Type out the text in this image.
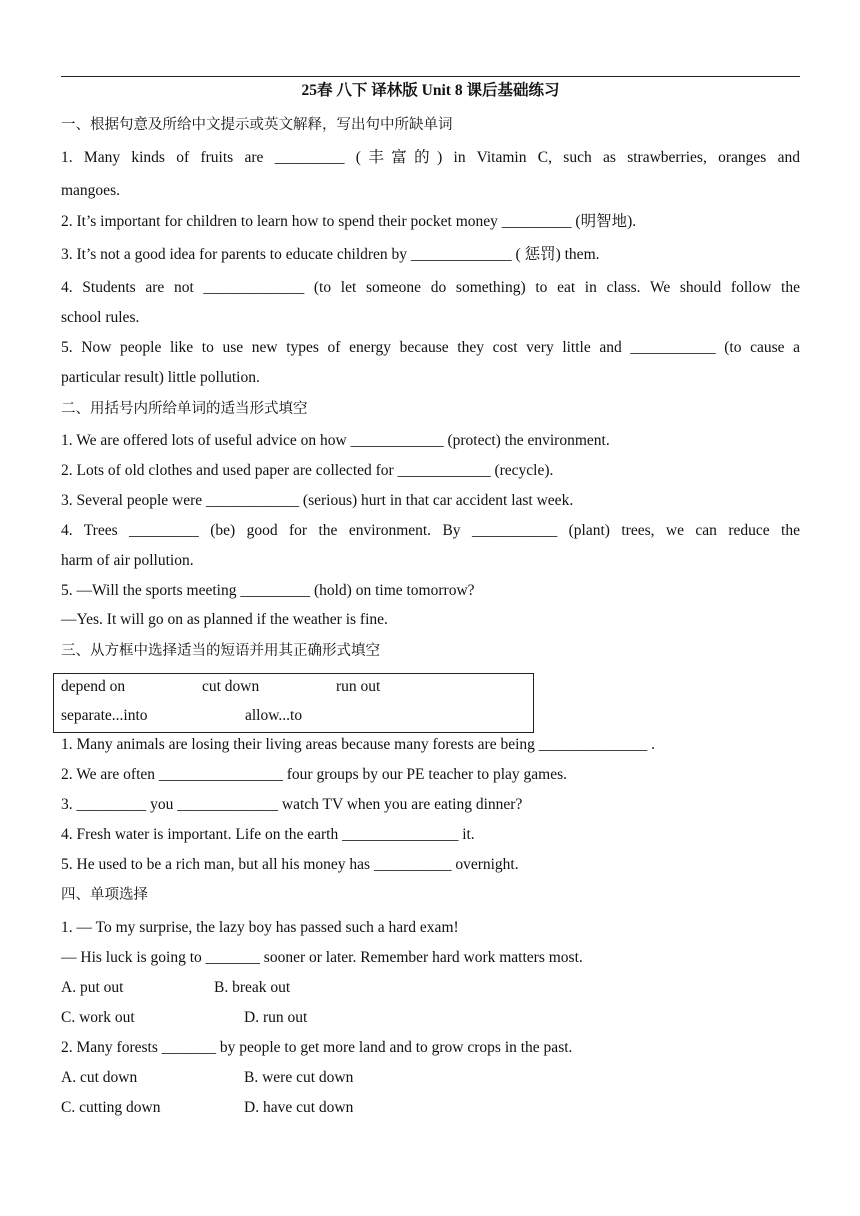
25春 八下 译林版 Unit 8 课后基础练习
一、根据句意及所给中文提示或英文解释，写出句中所缺单词
1. Many kinds of fruits are _________ (丰富的) in Vitamin C, such as strawberries, oranges and
mangoes.
2. It’s important for children to learn how to spend their pocket money _________ (明智地).
3. It’s not a good idea for parents to educate children by _____________ ( 惩罚) them.
4. Students are not _____________ (to let someone do something) to eat in class. We should follow the
school rules.
5. Now people like to use new types of energy because they cost very little and ___________ (to cause a
particular result) little pollution.
二、用括号内所给单词的适当形式填空
1. We are offered lots of useful advice on how ____________ (protect) the environment.
2. Lots of old clothes and used paper are collected for ____________ (recycle).
3. Several people were ____________ (serious) hurt in that car accident last week.
4. Trees _________ (be) good for the environment. By ___________ (plant) trees, we can reduce the
harm of air pollution.
5. —Will the sports meeting _________ (hold) on time tomorrow?
—Yes. It will go on as planned if the weather is fine.
三、从方框中选择适当的短语并用其正确形式填空
depend on	cut down	run out
separate...into	allow...to
1. Many animals are losing their living areas because many forests are being ______________ .
2. We are often ________________ four groups by our PE teacher to play games.
3. _________ you _____________ watch TV when you are eating dinner?
4. Fresh water is important. Life on the earth _______________ it.
5. He used to be a rich man, but all his money has __________ overnight.
四、单项选择
1. — To my surprise, the lazy boy has passed such a hard exam!
— His luck is going to _______ sooner or later. Remember hard work matters most.
A. put out	B. break out
C. work out	D. run out
2. Many forests _______ by people to get more land and to grow crops in the past.
A. cut down	B. were cut down
C. cutting down	D. have cut down
